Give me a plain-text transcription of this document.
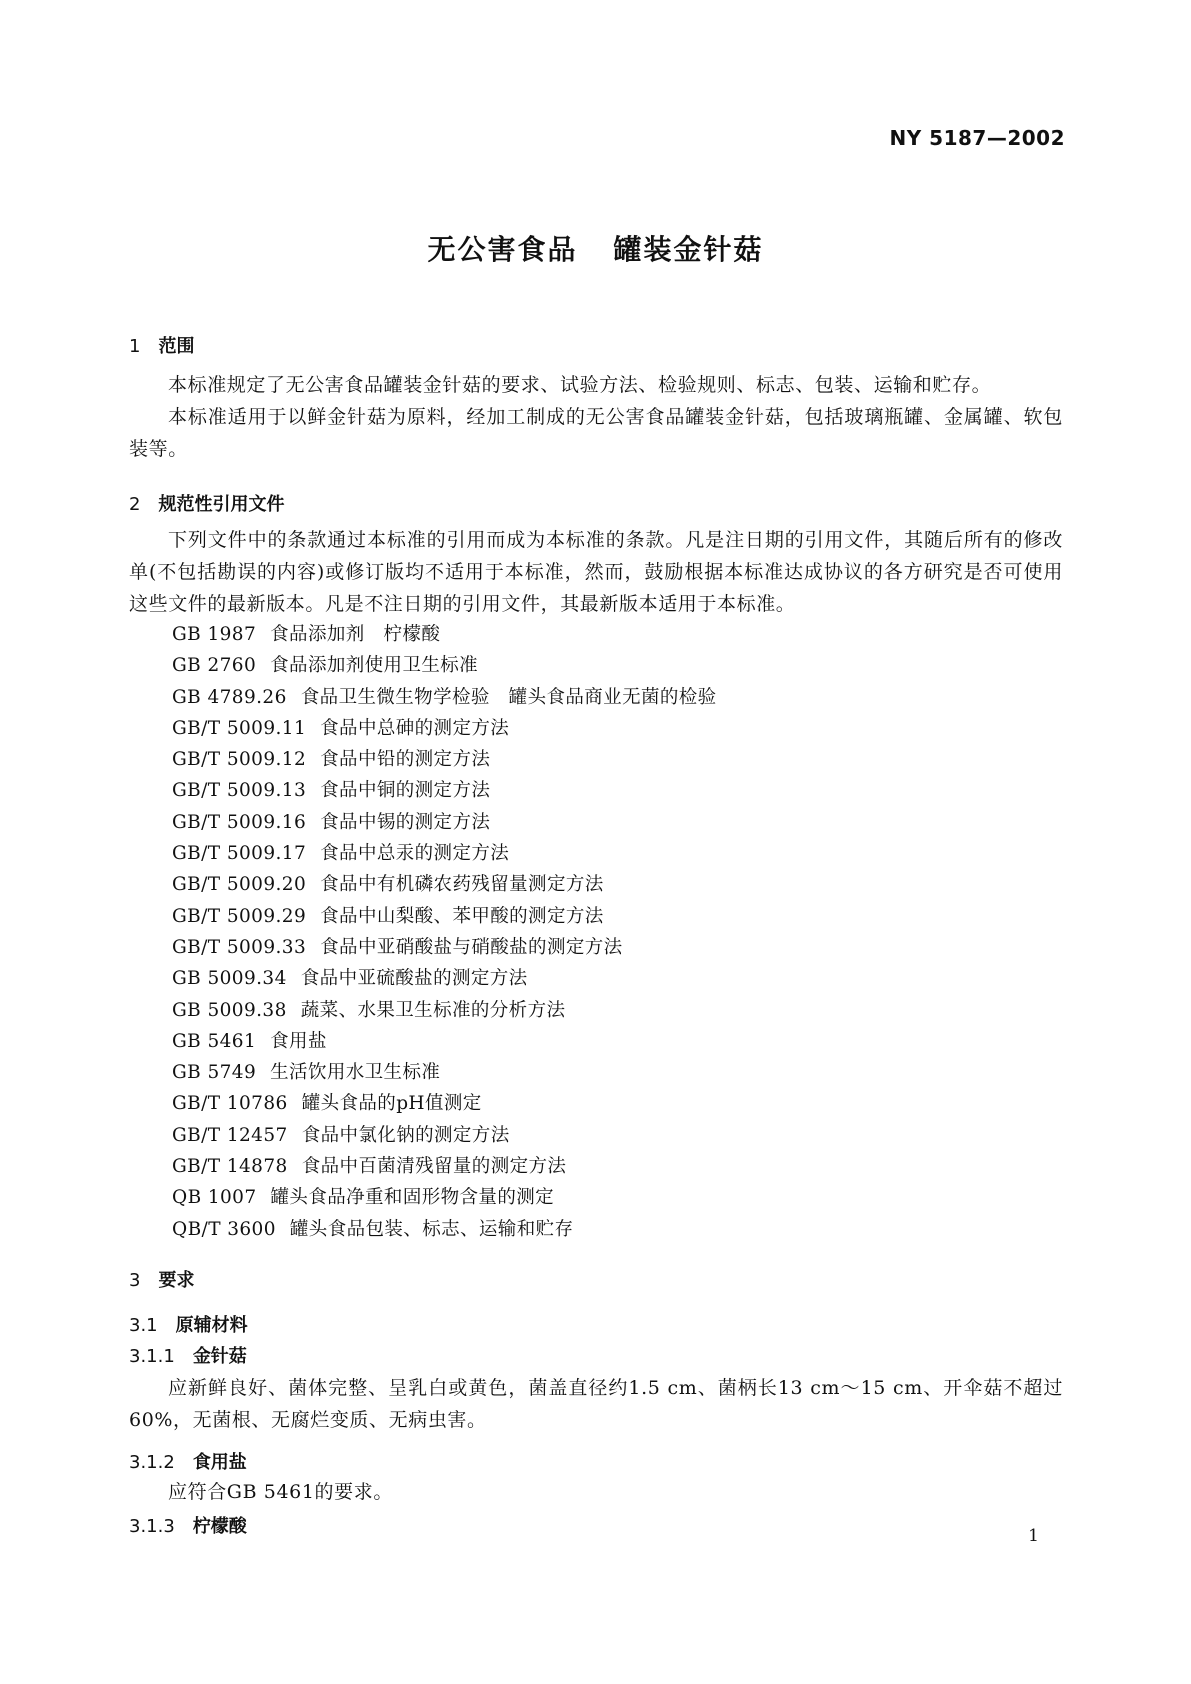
NY 5187—2002
无公害食品 罐装金针菇
1 范围
本标准规定了无公害食品罐装金针菇的要求、试验方法、检验规则、标志、包装、运输和贮存。
本标准适用于以鲜金针菇为原料，经加工制成的无公害食品罐装金针菇，包括玻璃瓶罐、金属罐、软包装等。
2 规范性引用文件
下列文件中的条款通过本标准的引用而成为本标准的条款。凡是注日期的引用文件，其随后所有的修改单(不包括勘误的内容)或修订版均不适用于本标准，然而，鼓励根据本标准达成协议的各方研究是否可使用这些文件的最新版本。凡是不注日期的引用文件，其最新版本适用于本标准。
GB 1987 食品添加剂　柠檬酸
GB 2760 食品添加剂使用卫生标准
GB 4789.26 食品卫生微生物学检验　罐头食品商业无菌的检验
GB/T 5009.11 食品中总砷的测定方法
GB/T 5009.12 食品中铅的测定方法
GB/T 5009.13 食品中铜的测定方法
GB/T 5009.16 食品中锡的测定方法
GB/T 5009.17 食品中总汞的测定方法
GB/T 5009.20 食品中有机磷农药残留量测定方法
GB/T 5009.29 食品中山梨酸、苯甲酸的测定方法
GB/T 5009.33 食品中亚硝酸盐与硝酸盐的测定方法
GB 5009.34 食品中亚硫酸盐的测定方法
GB 5009.38 蔬菜、水果卫生标准的分析方法
GB 5461 食用盐
GB 5749 生活饮用水卫生标准
GB/T 10786 罐头食品的pH值测定
GB/T 12457 食品中氯化钠的测定方法
GB/T 14878 食品中百菌清残留量的测定方法
QB 1007 罐头食品净重和固形物含量的测定
QB/T 3600 罐头食品包装、标志、运输和贮存
3 要求
3.1 原辅材料
3.1.1 金针菇
应新鲜良好、菌体完整、呈乳白或黄色，菌盖直径约1.5 cm、菌柄长13 cm～15 cm、开伞菇不超过60%，无菌根、无腐烂变质、无病虫害。
3.1.2 食用盐
应符合GB 5461的要求。
3.1.3 柠檬酸	1
